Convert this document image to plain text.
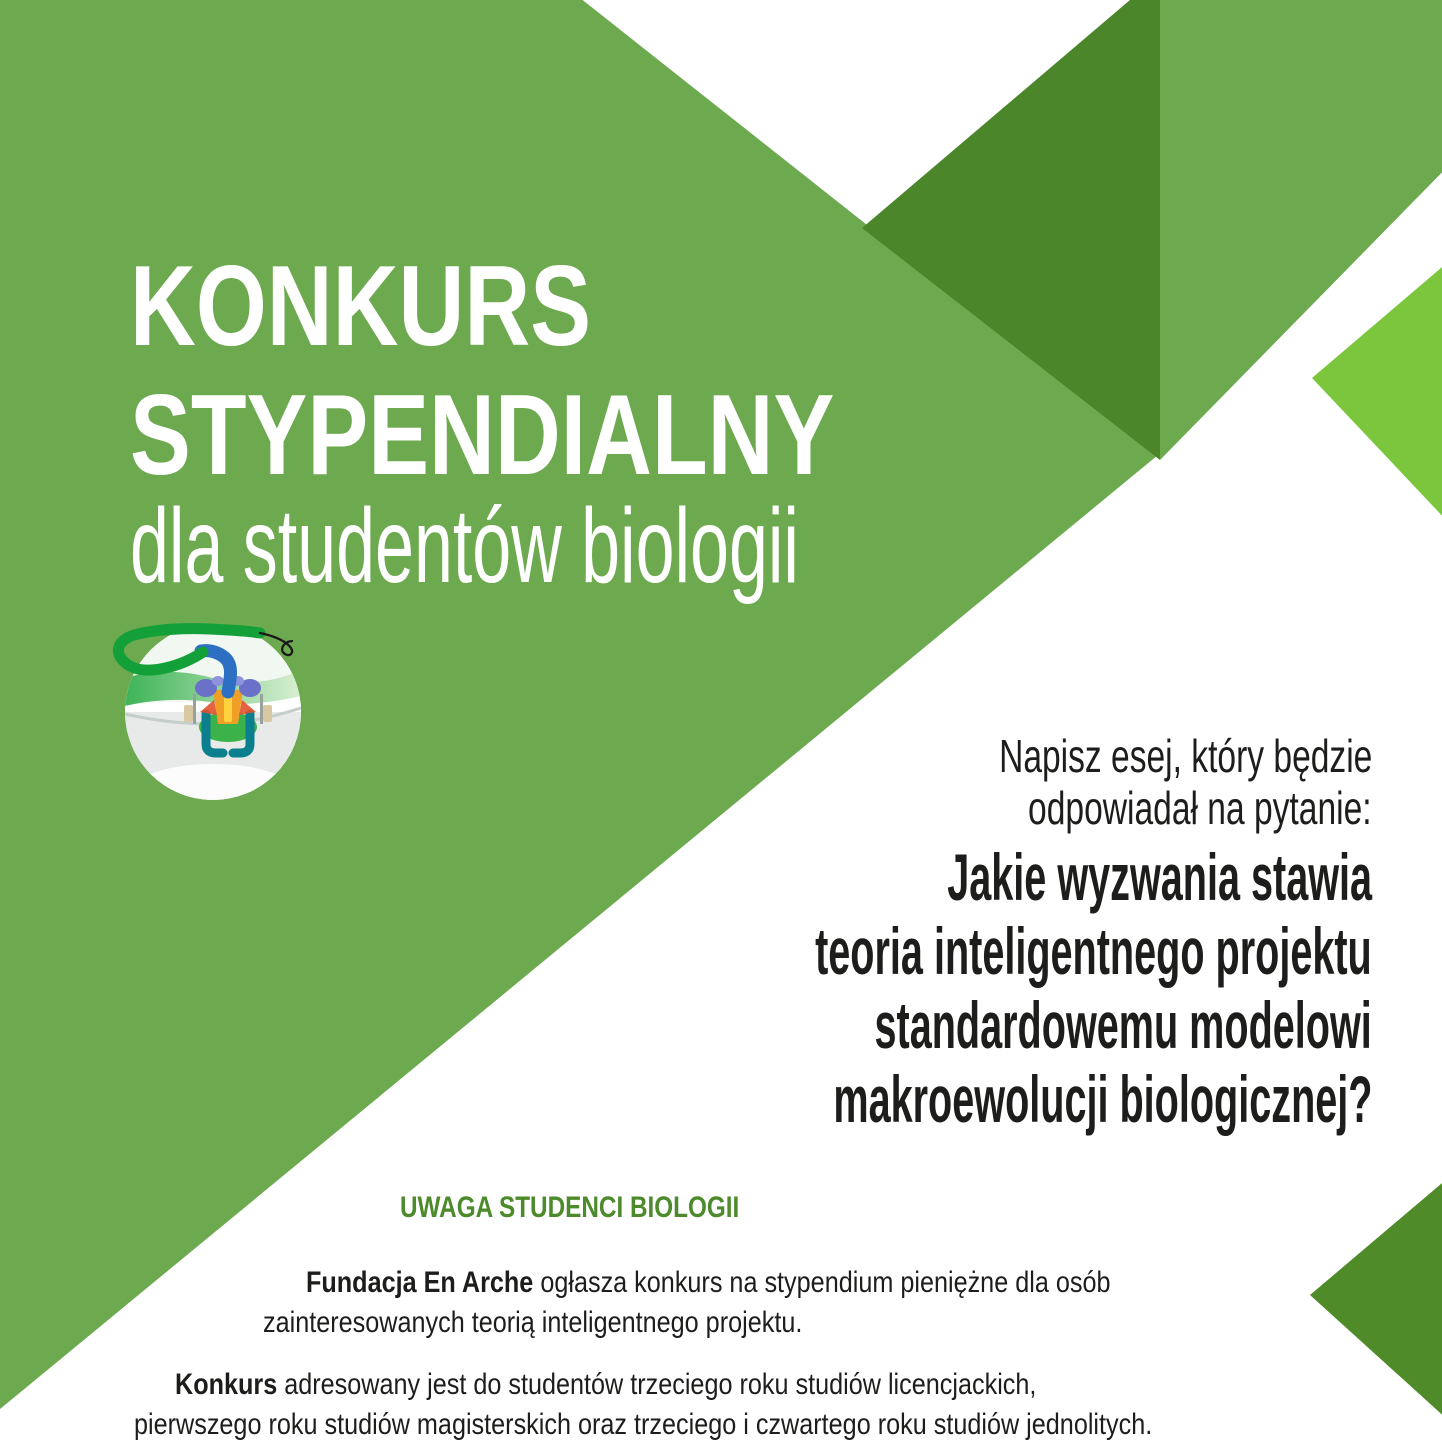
KONKURS
STYPENDIALNY
dla studentów biologii
Napisz esej, który będzie
odpowiadał na pytanie:
Jakie wyzwania stawia
teoria inteligentnego projektu
standardowemu modelowi
makroewolucji biologicznej?
UWAGA STUDENCI BIOLOGII
Fundacja En Arche ogłasza konkurs na stypendium pieniężne dla osób
zainteresowanych teorią inteligentnego projektu.
Konkurs adresowany jest do studentów trzeciego roku studiów licencjackich,
pierwszego roku studiów magisterskich oraz trzeciego i czwartego roku studiów jednolitych.
